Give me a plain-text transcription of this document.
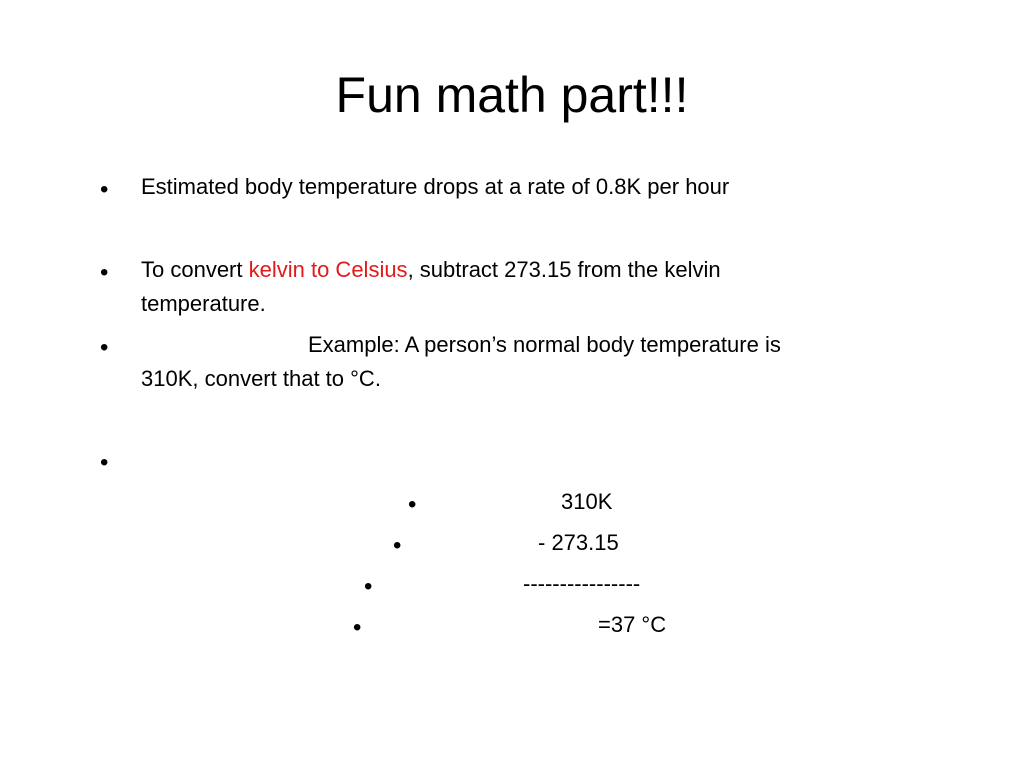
Fun math part!!!
• Estimated body temperature drops at a rate of 0.8K per hour
• To convert kelvin to Celsius, subtract 273.15 from the kelvin
temperature.
•	Example: A person’s normal body temperature is
310K, convert that to °C.
•
•	310K
•	- 273.15
•	----------------
•	=37 °C
